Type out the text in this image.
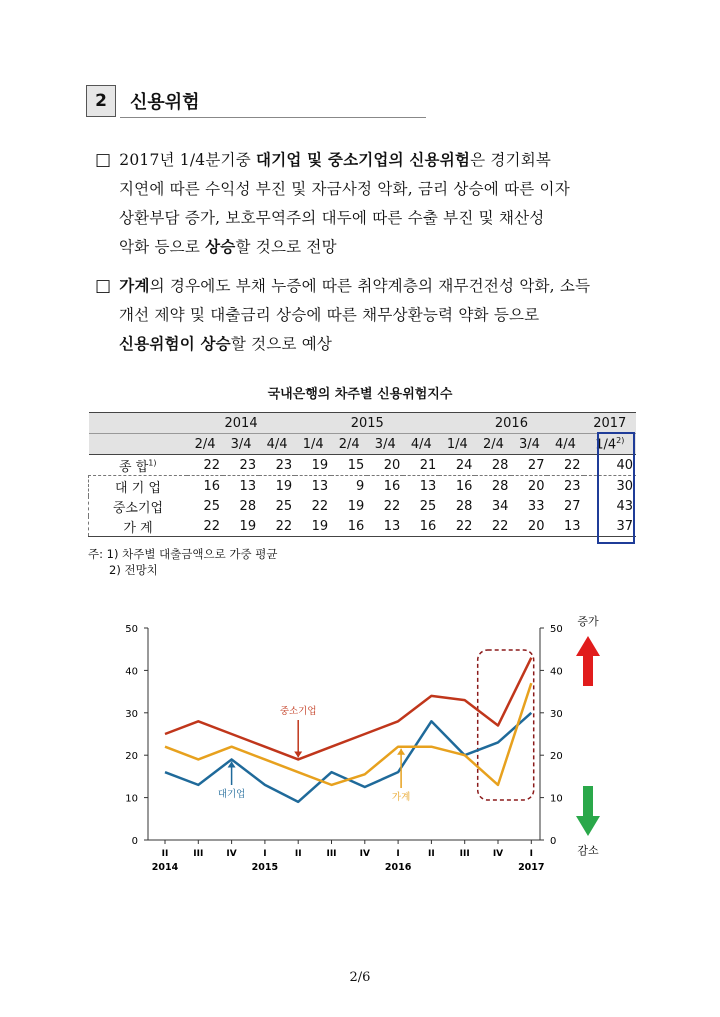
2	신용위험
□ 2017년 1/4분기중 대기업 및 중소기업의 신용위험은 경기회복
지연에 따른 수익성 부진 및 자금사정 악화, 금리 상승에 따른 이자
상환부담 증가, 보호무역주의 대두에 따른 수출 부진 및 채산성
악화 등으로 상승할 것으로 전망
□ 가계의 경우에도 부채 누증에 따른 취약계층의 재무건전성 악화, 소득
개선 제약 및 대출금리 상승에 따른 채무상환능력 약화 등으로
신용위험이 상승할 것으로 예상
국내은행의 차주별 신용위험지수
	2014			2015				2016				2017
	2/4	3/4	4/4	1/4	2/4	3/4	4/4	1/4	2/4	3/4	4/4	1/4$^{2)}$
종 합$^{1)}$	22	23	23	19	15	20	21	24	28	27	22	40
대 기 업	16	13	19	13	9	16	13	16	28	20	23	30
중소기업	25	28	25	22	19	22	25	28	34	33	27	43
가 계	22	19	22	19	16	13	16	22	22	20	13	37
주: 1) 차주별 대출금액으로 가중 평균
2) 전망치
0	0
10	10
20	20
30	30
40	40
50	50
II	III	IV	I	II	III	IV	I	II	III	IV	I
2014	2015	2016	2017
중소기업
대기업	가계
증가
감소
2/6
